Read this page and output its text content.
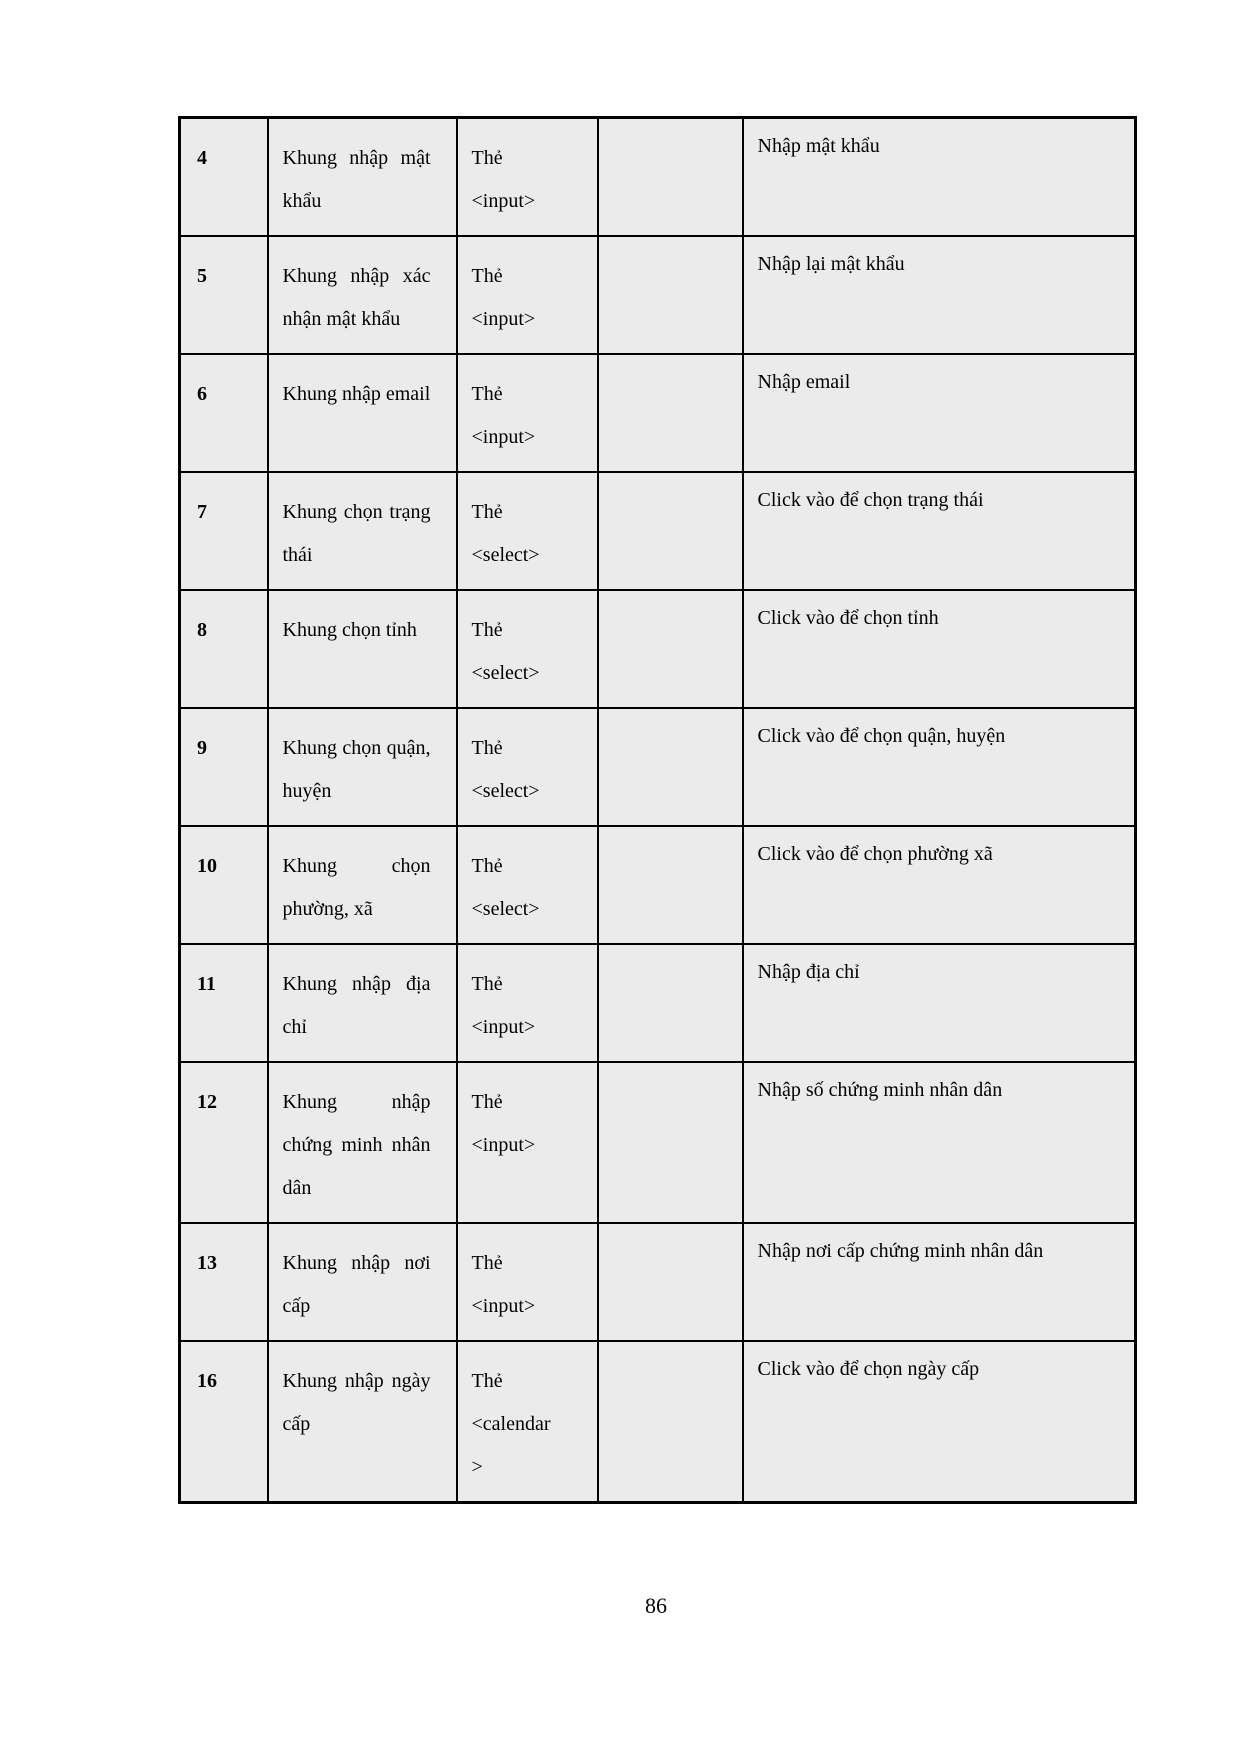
4	Khung nhập mật khẩu	Thẻ <input>		Nhập mật khẩu
5	Khung nhập xác nhận mật khẩu	Thẻ <input>		Nhập lại mật khẩu
6	Khung nhập email	Thẻ <input>		Nhập email
7	Khung chọn trạng thái	Thẻ <select>		Click vào để chọn trạng thái
8	Khung chọn tỉnh	Thẻ <select>		Click vào để chọn tỉnh
9	Khung chọn quận, huyện	Thẻ <select>		Click vào để chọn quận, huyện
10	Khung chọn phường, xã	Thẻ <select>		Click vào để chọn phường xã
11	Khung nhập địa chỉ	Thẻ <input>		Nhập địa chỉ
12	Khung nhập chứng minh nhân dân	Thẻ <input>		Nhập số chứng minh nhân dân
13	Khung nhập nơi cấp	Thẻ <input>		Nhập nơi cấp chứng minh nhân dân
16	Khung nhập ngày cấp	Thẻ <calendar>		Click vào để chọn ngày cấp
86
